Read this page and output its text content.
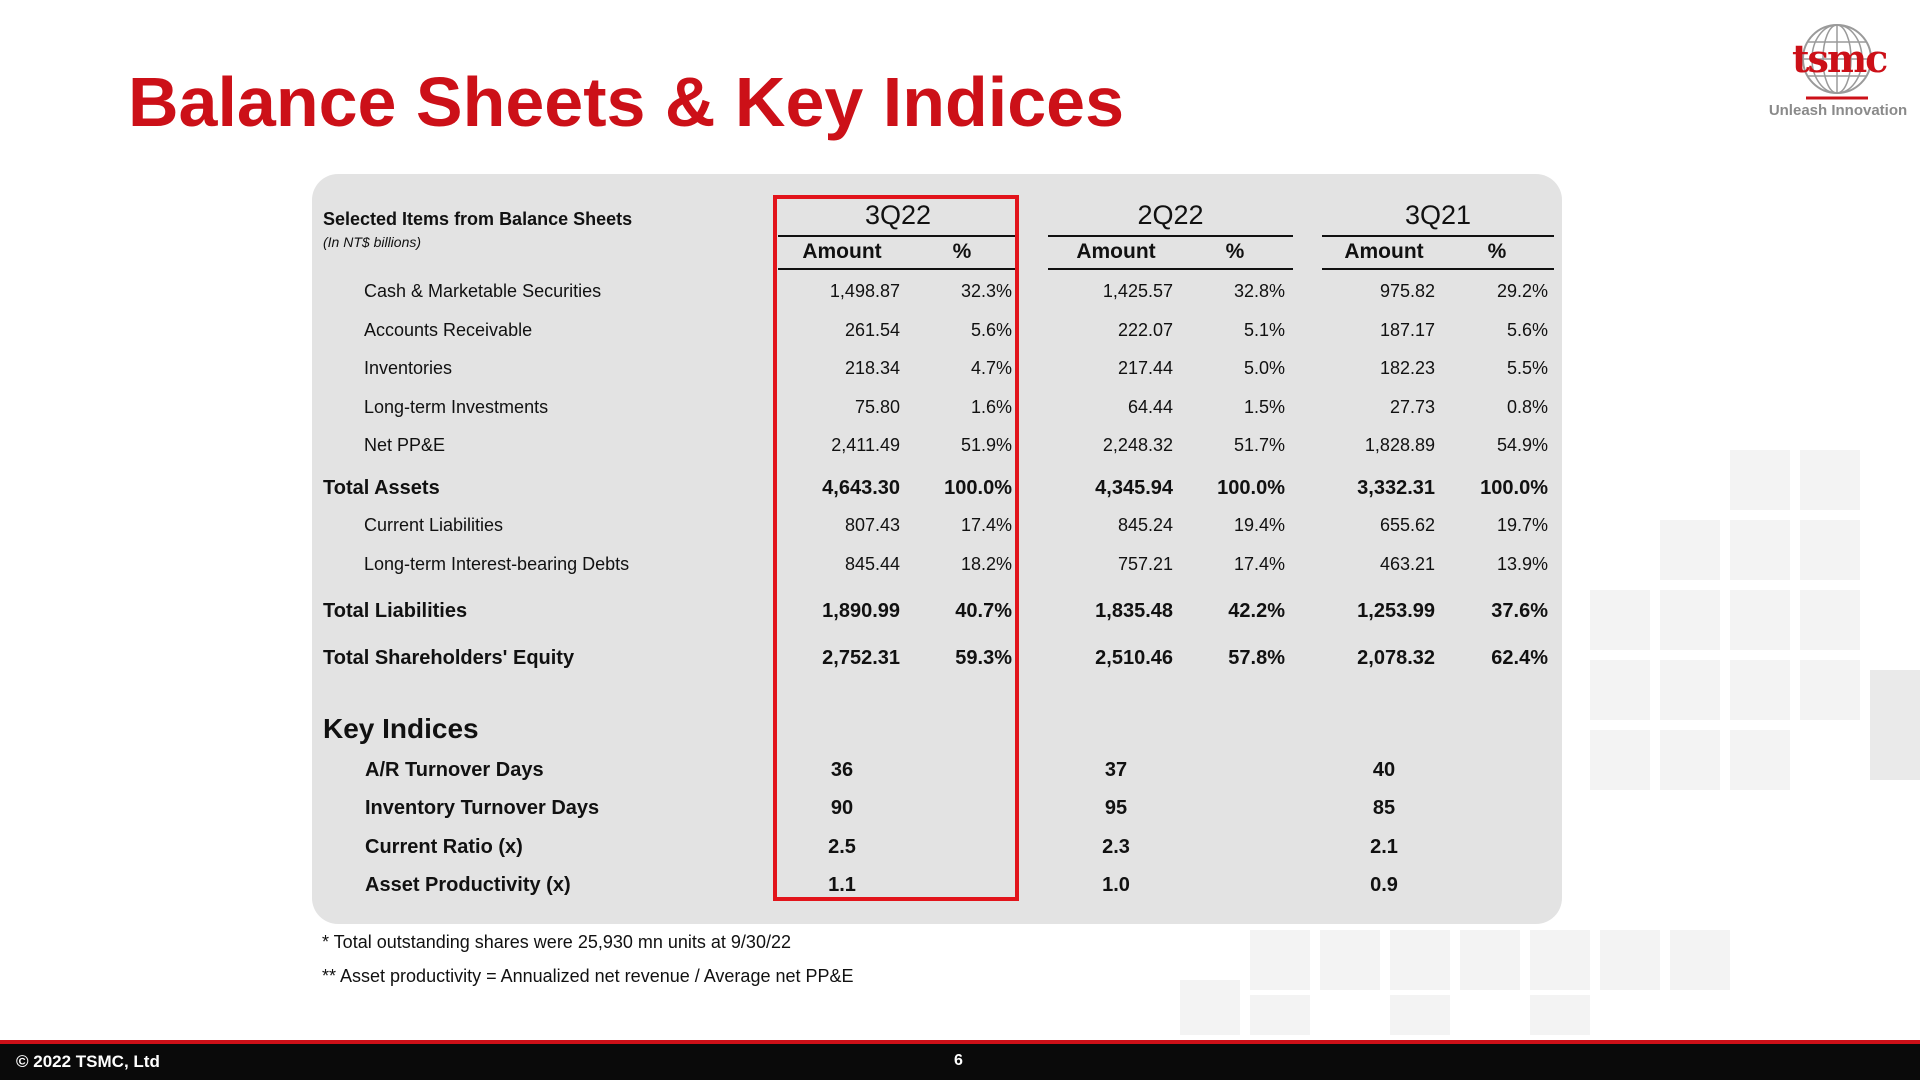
Balance Sheets & Key Indices
tsmc
Unleash Innovation
Selected Items from Balance Sheets
(In NT$ billions)
3Q22
Amount	%
2Q22
Amount	%
3Q21
Amount	%
Cash & Marketable Securities	1,498.87	32.3%	1,425.57	32.8%	975.82	29.2%
Accounts Receivable	261.54	5.6%	222.07	5.1%	187.17	5.6%
Inventories	218.34	4.7%	217.44	5.0%	182.23	5.5%
Long-term Investments	75.80	1.6%	64.44	1.5%	27.73	0.8%
Net PP&E	2,411.49	51.9%	2,248.32	51.7%	1,828.89	54.9%
Total Assets	4,643.30	100.0%	4,345.94	100.0%	3,332.31	100.0%
Current Liabilities	807.43	17.4%	845.24	19.4%	655.62	19.7%
Long-term Interest-bearing Debts	845.44	18.2%	757.21	17.4%	463.21	13.9%
Total Liabilities	1,890.99	40.7%	1,835.48	42.2%	1,253.99	37.6%
Total Shareholders' Equity	2,752.31	59.3%	2,510.46	57.8%	2,078.32	62.4%
Key Indices
A/R Turnover Days	36	37	40
Inventory Turnover Days	90	95	85
Current Ratio (x)	2.5	2.3	2.1
Asset Productivity (x)	1.1	1.0	0.9
* Total outstanding shares were 25,930 mn units at 9/30/22
** Asset productivity = Annualized net revenue / Average net PP&E
© 2022 TSMC, Ltd	6
